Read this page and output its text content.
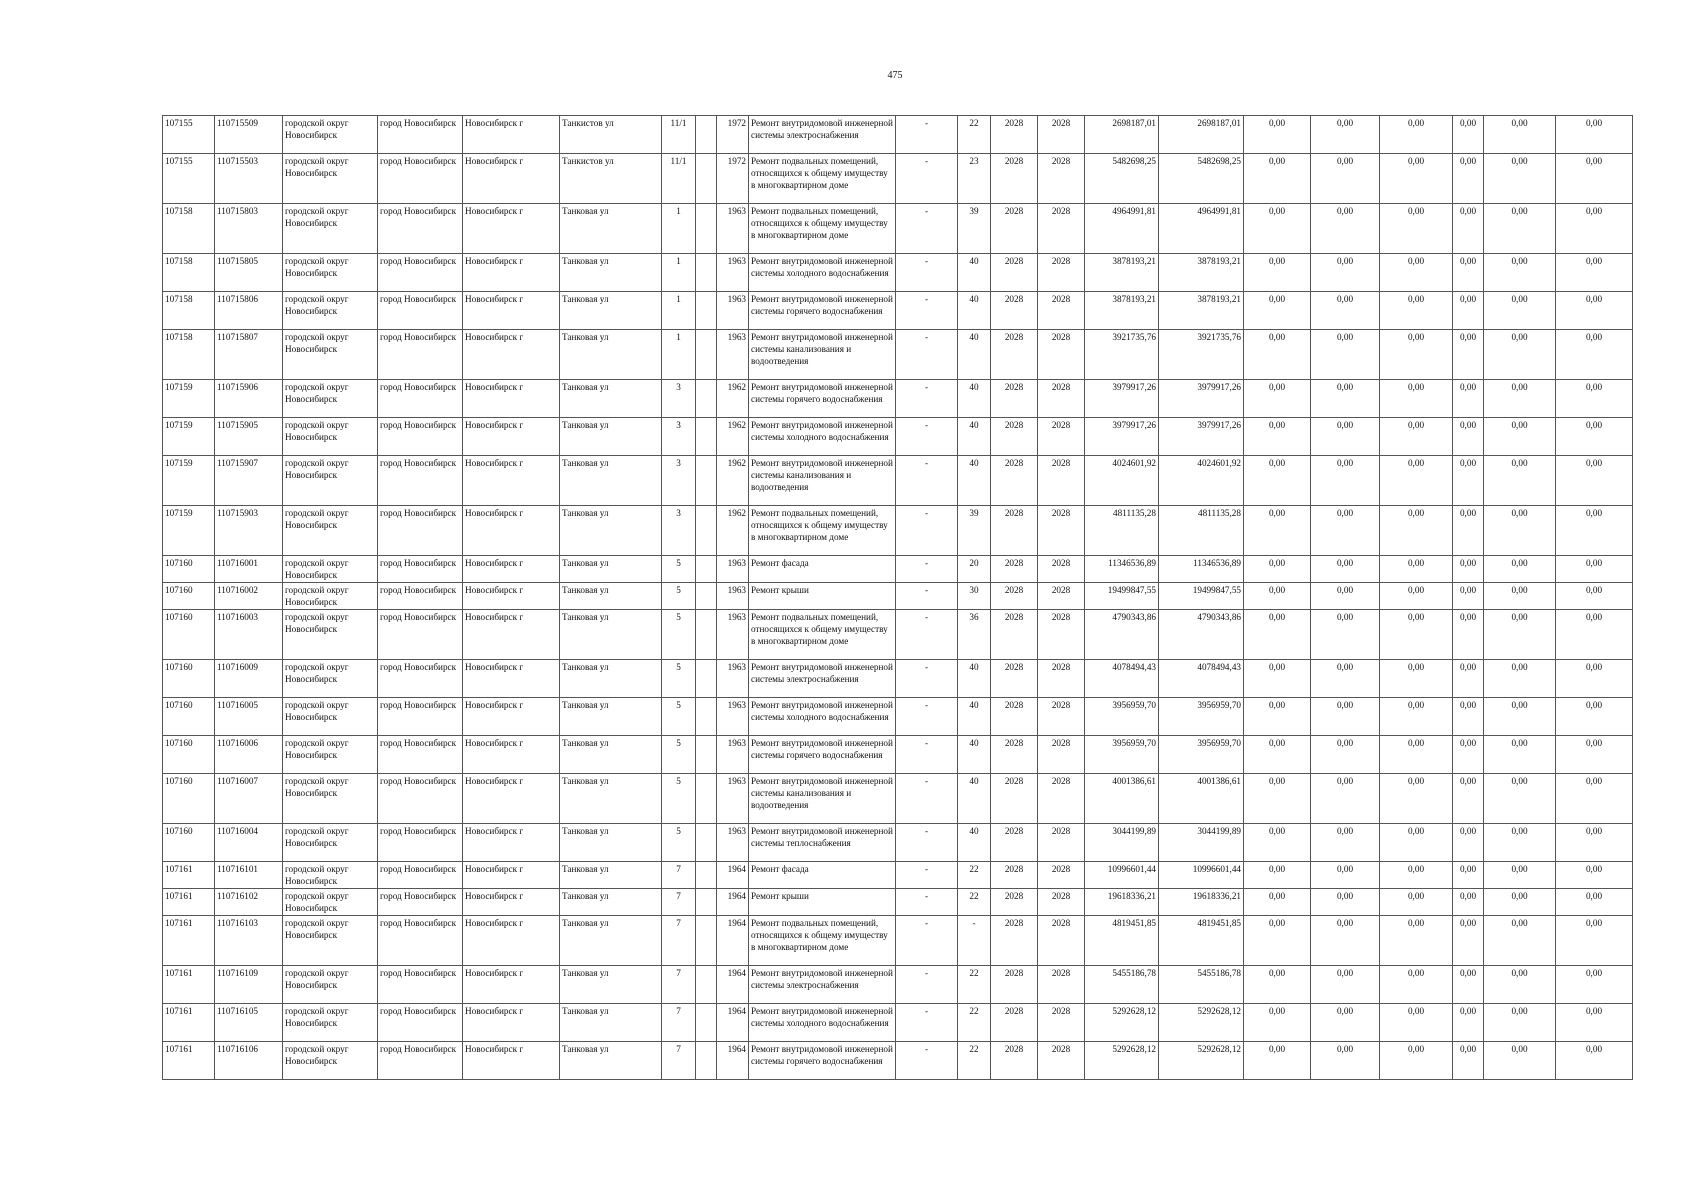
475
107155	110715509	городской округ Новосибирск	город Новосибирск	Новосибирск г	Танкистов ул	11/1		1972	Ремонт внутридомовой инженерной системы электроснабжения	-	22	2028	2028	2698187,01	2698187,01	0,00	0,00	0,00	0,00	0,00	0,00
107155	110715503	городской округ Новосибирск	город Новосибирск	Новосибирск г	Танкистов ул	11/1		1972	Ремонт подвальных помещений, относящихся к общему имуществу в многоквартирном доме	-	23	2028	2028	5482698,25	5482698,25	0,00	0,00	0,00	0,00	0,00	0,00
107158	110715803	городской округ Новосибирск	город Новосибирск	Новосибирск г	Танковая ул	1		1963	Ремонт подвальных помещений, относящихся к общему имуществу в многоквартирном доме	-	39	2028	2028	4964991,81	4964991,81	0,00	0,00	0,00	0,00	0,00	0,00
107158	110715805	городской округ Новосибирск	город Новосибирск	Новосибирск г	Танковая ул	1		1963	Ремонт внутридомовой инженерной системы холодного водоснабжения	-	40	2028	2028	3878193,21	3878193,21	0,00	0,00	0,00	0,00	0,00	0,00
107158	110715806	городской округ Новосибирск	город Новосибирск	Новосибирск г	Танковая ул	1		1963	Ремонт внутридомовой инженерной системы горячего водоснабжения	-	40	2028	2028	3878193,21	3878193,21	0,00	0,00	0,00	0,00	0,00	0,00
107158	110715807	городской округ Новосибирск	город Новосибирск	Новосибирск г	Танковая ул	1		1963	Ремонт внутридомовой инженерной системы канализования и водоотведения	-	40	2028	2028	3921735,76	3921735,76	0,00	0,00	0,00	0,00	0,00	0,00
107159	110715906	городской округ Новосибирск	город Новосибирск	Новосибирск г	Танковая ул	3		1962	Ремонт внутридомовой инженерной системы горячего водоснабжения	-	40	2028	2028	3979917,26	3979917,26	0,00	0,00	0,00	0,00	0,00	0,00
107159	110715905	городской округ Новосибирск	город Новосибирск	Новосибирск г	Танковая ул	3		1962	Ремонт внутридомовой инженерной системы холодного водоснабжения	-	40	2028	2028	3979917,26	3979917,26	0,00	0,00	0,00	0,00	0,00	0,00
107159	110715907	городской округ Новосибирск	город Новосибирск	Новосибирск г	Танковая ул	3		1962	Ремонт внутридомовой инженерной системы канализования и водоотведения	-	40	2028	2028	4024601,92	4024601,92	0,00	0,00	0,00	0,00	0,00	0,00
107159	110715903	городской округ Новосибирск	город Новосибирск	Новосибирск г	Танковая ул	3		1962	Ремонт подвальных помещений, относящихся к общему имуществу в многоквартирном доме	-	39	2028	2028	4811135,28	4811135,28	0,00	0,00	0,00	0,00	0,00	0,00
107160	110716001	городской округ Новосибирск	город Новосибирск	Новосибирск г	Танковая ул	5		1963	Ремонт фасада	-	20	2028	2028	11346536,89	11346536,89	0,00	0,00	0,00	0,00	0,00	0,00
107160	110716002	городской округ Новосибирск	город Новосибирск	Новосибирск г	Танковая ул	5		1963	Ремонт крыши	-	30	2028	2028	19499847,55	19499847,55	0,00	0,00	0,00	0,00	0,00	0,00
107160	110716003	городской округ Новосибирск	город Новосибирск	Новосибирск г	Танковая ул	5		1963	Ремонт подвальных помещений, относящихся к общему имуществу в многоквартирном доме	-	36	2028	2028	4790343,86	4790343,86	0,00	0,00	0,00	0,00	0,00	0,00
107160	110716009	городской округ Новосибирск	город Новосибирск	Новосибирск г	Танковая ул	5		1963	Ремонт внутридомовой инженерной системы электроснабжения	-	40	2028	2028	4078494,43	4078494,43	0,00	0,00	0,00	0,00	0,00	0,00
107160	110716005	городской округ Новосибирск	город Новосибирск	Новосибирск г	Танковая ул	5		1963	Ремонт внутридомовой инженерной системы холодного водоснабжения	-	40	2028	2028	3956959,70	3956959,70	0,00	0,00	0,00	0,00	0,00	0,00
107160	110716006	городской округ Новосибирск	город Новосибирск	Новосибирск г	Танковая ул	5		1963	Ремонт внутридомовой инженерной системы горячего водоснабжения	-	40	2028	2028	3956959,70	3956959,70	0,00	0,00	0,00	0,00	0,00	0,00
107160	110716007	городской округ Новосибирск	город Новосибирск	Новосибирск г	Танковая ул	5		1963	Ремонт внутридомовой инженерной системы канализования и водоотведения	-	40	2028	2028	4001386,61	4001386,61	0,00	0,00	0,00	0,00	0,00	0,00
107160	110716004	городской округ Новосибирск	город Новосибирск	Новосибирск г	Танковая ул	5		1963	Ремонт внутридомовой инженерной системы теплоснабжения	-	40	2028	2028	3044199,89	3044199,89	0,00	0,00	0,00	0,00	0,00	0,00
107161	110716101	городской округ Новосибирск	город Новосибирск	Новосибирск г	Танковая ул	7		1964	Ремонт фасада	-	22	2028	2028	10996601,44	10996601,44	0,00	0,00	0,00	0,00	0,00	0,00
107161	110716102	городской округ Новосибирск	город Новосибирск	Новосибирск г	Танковая ул	7		1964	Ремонт крыши	-	22	2028	2028	19618336,21	19618336,21	0,00	0,00	0,00	0,00	0,00	0,00
107161	110716103	городской округ Новосибирск	город Новосибирск	Новосибирск г	Танковая ул	7		1964	Ремонт подвальных помещений, относящихся к общему имуществу в многоквартирном доме	-	-	2028	2028	4819451,85	4819451,85	0,00	0,00	0,00	0,00	0,00	0,00
107161	110716109	городской округ Новосибирск	город Новосибирск	Новосибирск г	Танковая ул	7		1964	Ремонт внутридомовой инженерной системы электроснабжения	-	22	2028	2028	5455186,78	5455186,78	0,00	0,00	0,00	0,00	0,00	0,00
107161	110716105	городской округ Новосибирск	город Новосибирск	Новосибирск г	Танковая ул	7		1964	Ремонт внутридомовой инженерной системы холодного водоснабжения	-	22	2028	2028	5292628,12	5292628,12	0,00	0,00	0,00	0,00	0,00	0,00
107161	110716106	городской округ Новосибирск	город Новосибирск	Новосибирск г	Танковая ул	7		1964	Ремонт внутридомовой инженерной системы горячего водоснабжения	-	22	2028	2028	5292628,12	5292628,12	0,00	0,00	0,00	0,00	0,00	0,00
